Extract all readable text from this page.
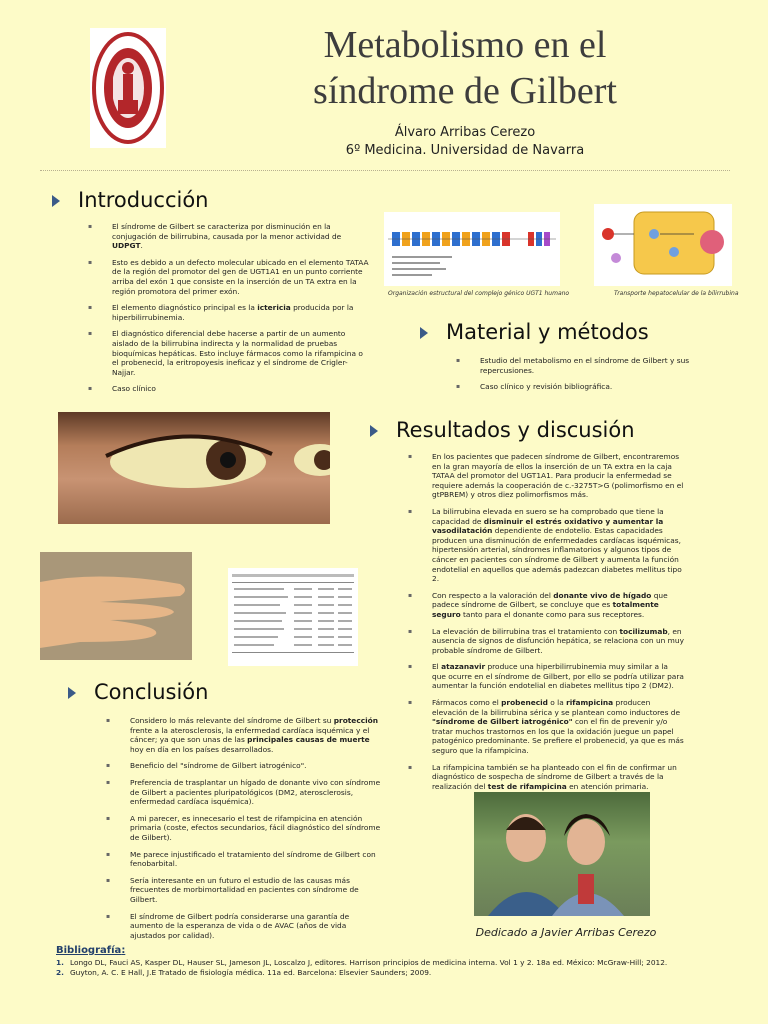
Metabolismo en el
síndrome de Gilbert
Álvaro Arribas Cerezo
6º Medicina. Universidad de Navarra
Introducción
▪ El síndrome de Gilbert se caracteriza por disminución en la conjugación de bilirrubina, causada por la menor actividad de UDPGT.
▪ Esto es debido a un defecto molecular ubicado en el elemento TATAA de la región del promotor del gen de UGT1A1 en un punto corriente arriba del exón 1 que consiste en la inserción de un TA extra en la región promotora del primer exón.
▪ El elemento diagnóstico principal es la ictericia producida por la hiperbilirrubinemia.
▪ El diagnóstico diferencial debe hacerse a partir de un aumento aislado de la bilirrubina indirecta y la normalidad de pruebas bioquímicas hepáticas. Esto incluye fármacos como la rifampicina o el probenecid, la eritropoyesis ineficaz y el síndrome de Crigler-Najjar.
▪ Caso clínico
Organización estructural del complejo génico UGT1 humano	Transporte hepatocelular de la bilirrubina
Material y métodos
▪ Estudio del metabolismo en el síndrome de Gilbert y sus repercusiones.
▪ Caso clínico y revisión bibliográfica.
Resultados y discusión
▪ En los pacientes que padecen síndrome de Gilbert, encontraremos en la gran mayoría de ellos la inserción de un TA extra en la caja TATAA del promotor del UGT1A1. Para producir la enfermedad se requiere además la cooperación de c.-3275T>G (polimorfismo en el gtPBREM) y otros diez polimorfismos más.
▪ La bilirrubina elevada en suero se ha comprobado que tiene la capacidad de disminuir el estrés oxidativo y aumentar la vasodilatación dependiente de endotelio. Estas capacidades producen una disminución de enfermedades cardíacas isquémicas, hipertensión arterial, síndromes inflamatorios y algunos tipos de cáncer en pacientes con síndrome de Gilbert y aumenta la función endotelial en aquellos que además padezcan diabetes mellitus tipo 2.
▪ Con respecto a la valoración del donante vivo de hígado que padece síndrome de Gilbert, se concluye que es totalmente seguro tanto para el donante como para sus receptores.
▪ La elevación de bilirrubina tras el tratamiento con tocilizumab, en ausencia de signos de disfunción hepática, se relaciona con un muy probable síndrome de Gilbert.
▪ El atazanavir produce una hiperbilirrubinemia muy similar a la que ocurre en el síndrome de Gilbert, por ello se podría utilizar para aumentar la función endotelial en diabetes mellitus tipo 2 (DM2).
▪ Fármacos como el probenecid o la rifampicina producen elevación de la bilirrubina sérica y se plantean como inductores de "síndrome de Gilbert iatrogénico" con el fin de prevenir y/o tratar muchos trastornos en los que la oxidación juegue un papel patogénico predominante. Se prefiere el probenecid, ya que es más seguro que la rifampicina.
▪ La rifampicina también se ha planteado con el fin de confirmar un diagnóstico de sospecha de síndrome de Gilbert a través de la realización del test de rifampicina en atención primaria.
Conclusión
▪ Considero lo más relevante del síndrome de Gilbert su protección frente a la aterosclerosis, la enfermedad cardíaca isquémica y el cáncer; ya que son unas de las principales causas de muerte hoy en día en los países desarrollados.
▪ Beneficio del "síndrome de Gilbert iatrogénico".
▪ Preferencia de trasplantar un hígado de donante vivo con síndrome de Gilbert a pacientes pluripatológicos (DM2, aterosclerosis, enfermedad cardíaca isquémica).
▪ A mi parecer, es innecesario el test de rifampicina en atención primaria (coste, efectos secundarios, fácil diagnóstico del síndrome de Gilbert).
▪ Me parece injustificado el tratamiento del síndrome de Gilbert con fenobarbital.
▪ Sería interesante en un futuro el estudio de las causas más frecuentes de morbimortalidad en pacientes con síndrome de Gilbert.
▪ El síndrome de Gilbert podría considerarse una garantía de aumento de la esperanza de vida o de AVAC (años de vida ajustados por calidad).	Dedicado a Javier Arribas Cerezo
Bibliografía:
1. Longo DL, Fauci AS, Kasper DL, Hauser SL, Jameson JL, Loscalzo J, editores. Harrison principios de medicina interna. Vol 1 y 2. 18a ed. México: McGraw-Hill; 2012.
2. Guyton, A. C. E Hall, J.E Tratado de fisiología médica. 11a ed. Barcelona: Elsevier Saunders; 2009.
